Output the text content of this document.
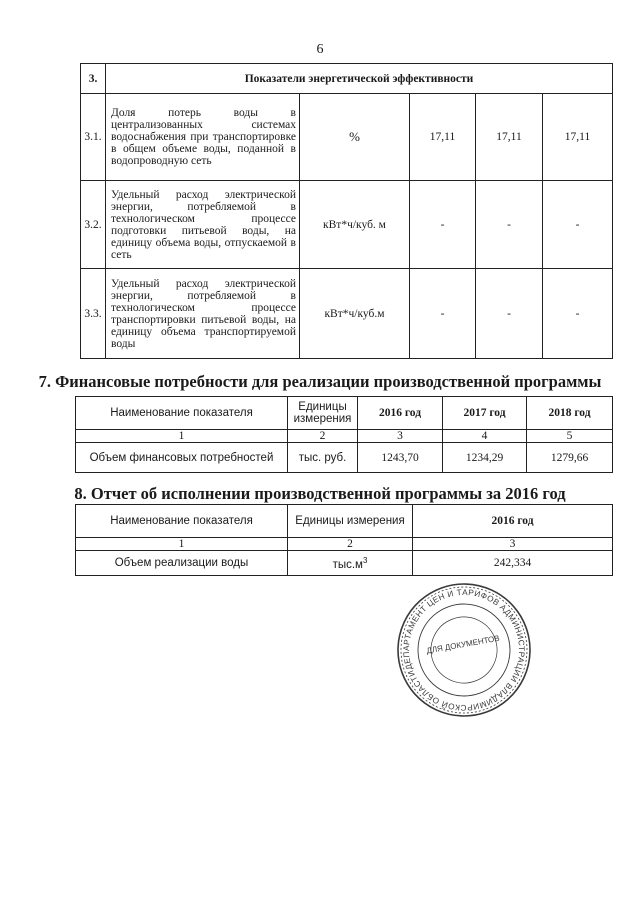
6
3.	Показатели энергетической эффективности				
3.1.	Доля потерь воды в централизованных системах водоснабжения при транспортировке в общем объеме воды, поданной в водопроводную сеть	%	17,11	17,11	17,11
3.2.	Удельный расход электрической энергии, потребляемой в технологическом процессе подготовки питьевой воды, на единицу объема воды, отпускаемой в сеть	кВт*ч/куб. м	-	-	-
3.3.	Удельный расход электрической энергии, потребляемой в технологическом процессе транспортировки питьевой воды, на единицу объема транспортируемой воды	кВт*ч/куб.м	-	-	-
7. Финансовые потребности для реализации производственной программы
Наименование показателя	Единицы измерения	2016 год	2017 год	2018 год
1	2	3	4	5
Объем финансовых потребностей	тыс. руб.	1243,70	1234,29	1279,66
8. Отчет об исполнении производственной программы за 2016 год
Наименование показателя	Единицы измерения	2016 год
1	2	3
Объем реализации воды	$тыс.м^3$	242,334
ДЕПАРТАМЕНТ ЦЕН И ТАРИФОВ АДМИНИСТРАЦИИ ВЛАДИМИРСКОЙ ОБЛАСТИ
ДЛЯ ДОКУМЕНТОВ
